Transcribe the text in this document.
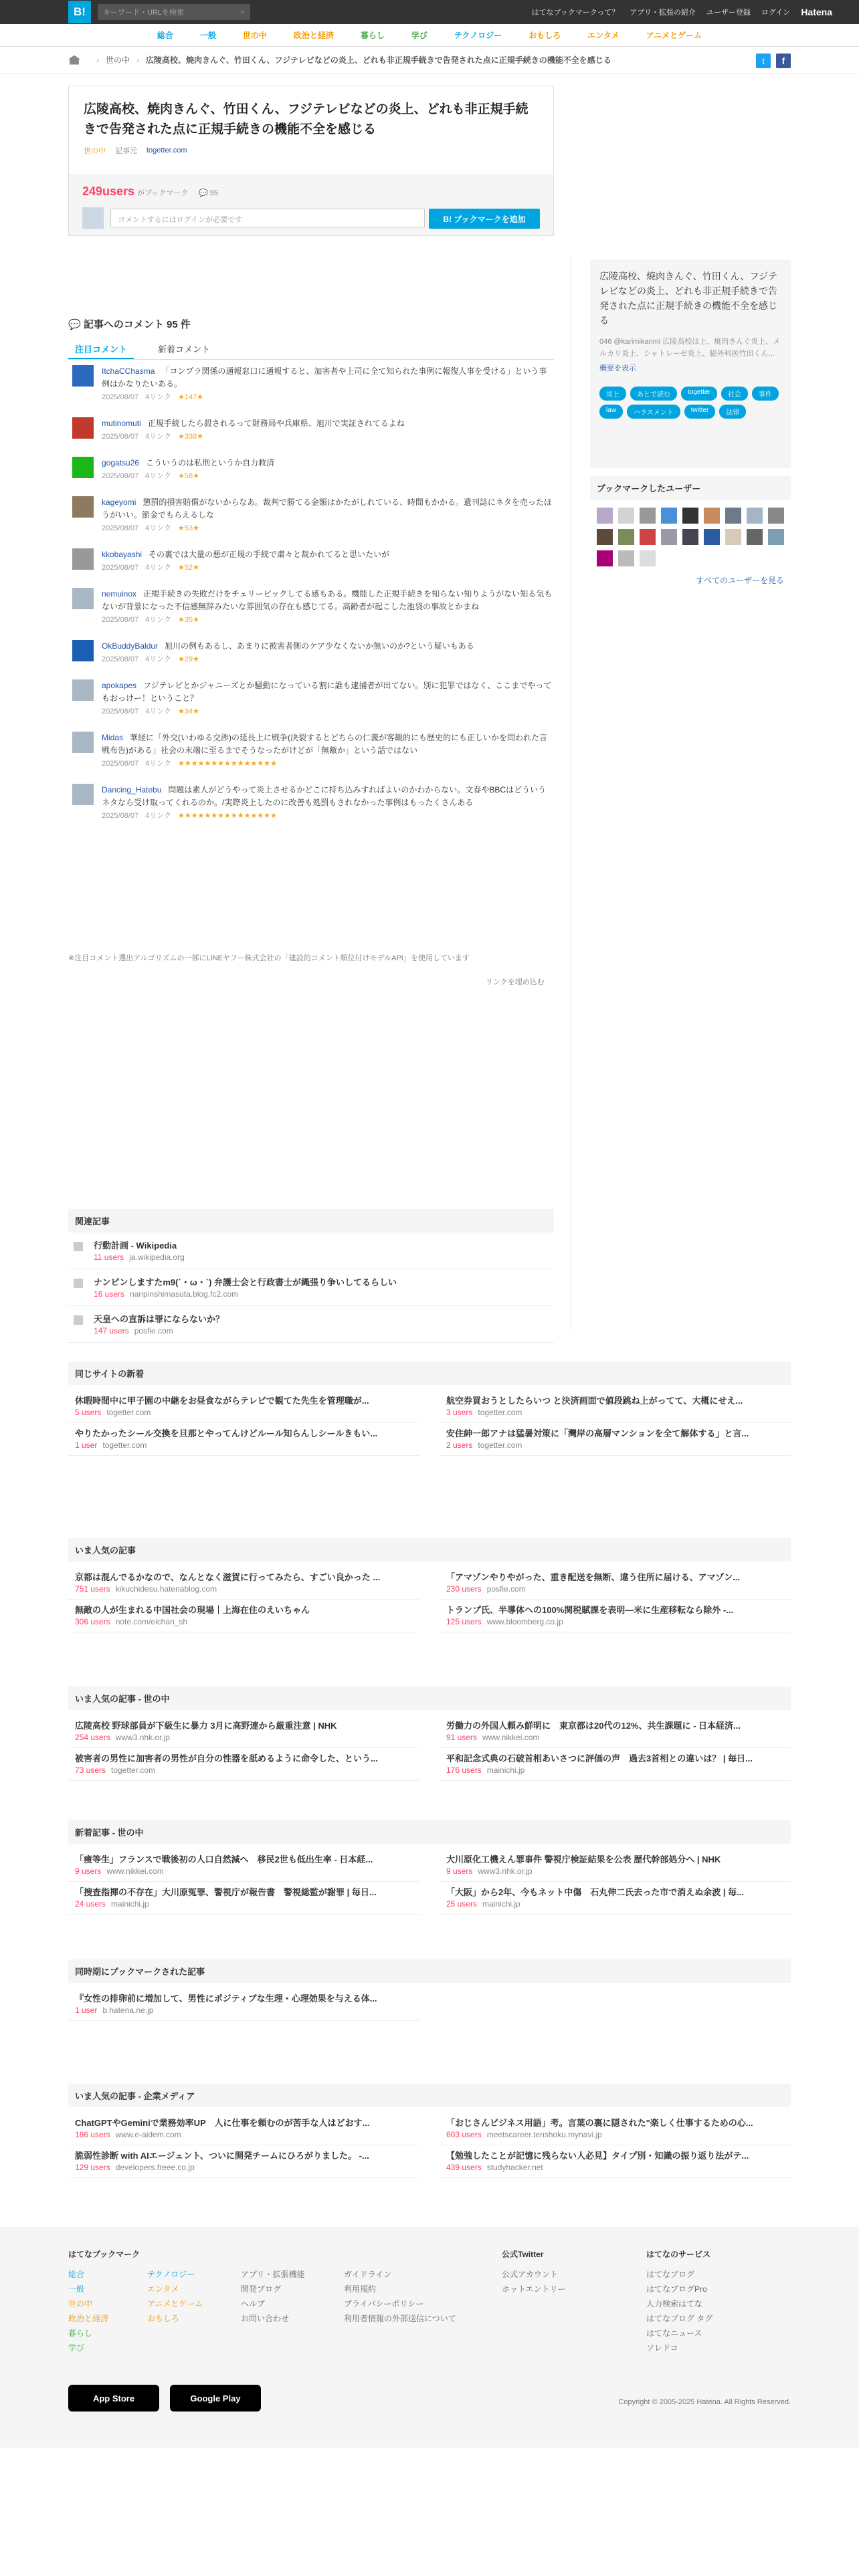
B!	キーワード・URLを検索	⌕	はてなブックマークって？ アプリ・拡張の紹介 ユーザー登録 ログイン Hatena
総合	一般	世の中	政治と経済	暮らし	学び	テクノロジー	おもしろ	エンタメ	アニメとゲーム
› 世の中 › 広陵高校、焼肉きんぐ、竹田くん、フジテレビなどの炎上、どれも非正規手続きで告発された点に正規手続きの機能不全を感じる	t	f
広陵高校、焼肉きんぐ、竹田くん、フジテレビなどの炎上、どれも非正規手続きで告発された点に正規手続きの機能不全を感じる
世の中 記事元 togetter.com
249users がブックマーク 💬 95
コメントするにはログインが必要です	B! ブックマークを追加
広陵高校、焼肉きんぐ、竹田くん、フジテレビなどの炎上、どれも非正規手続きで告発された点に正規手続きの機能不全を感じる

046 @karimikarimi 広陵高校は上、焼肉きんぐ炎上、メルカリ炎上、シャトレーゼ炎上、脇外科医竹田くん...

概要を表示
炎上	あとで読む	togetter	社会	事件
law	ハラスメント	twitter	法律
ブックマークしたユーザー
すべてのユーザーを見る
💬 記事へのコメント 95 件
注目コメント	新着コメント
ItchaCChasma 「コンプラ関係の通報窓口に通報すると、加害者や上司に全て知られた事例に報復人事を受ける」という事例はかなりたいある。
2025/08/07 4リンク ★147★
mutinomuti 正規手続したら殺されるって財務局や兵庫県、旭川で実証されてるよね
2025/08/07 4リンク ★338★
gogatsu26 こういうのは私刑というか自力救済
2025/08/07 4リンク ★58★
kageyomi 懲罰的損害賠償がないからなあ。裁判で勝てる金額はかたがしれている、時間もかかる。遺刊誌にネタを売ったほうがいい。節金でもらえるしな
2025/08/07 4リンク ★53★
kkobayashi その裏では大量の悪が正規の手続で粛々と裁かれてると思いたいが
2025/08/07 4リンク ★52★
nemuinox 正規手続きの失敗だけをチェリーピックしてる感もある。機能した正規手続きを知らない知りようがない知る気もないが背景になった不信感無辞みたいな雰囲気の存在も感じてる。高齢者が起こした池袋の事故とかまね
2025/08/07 4リンク ★35★
OkBuddyBaldur 旭川の例もあるし、あまりに被害者側のケア少なくないか無いのか?という疑いもある
2025/08/07 4リンク ★29★
apokapes フジテレビとかジャニーズとか騒動になっている割に誰も逮捕者が出てない。別に犯罪ではなく、ここまでやってもおっけー！ということ？
2025/08/07 4リンク ★34★
Midas 華経に「外交(いわゆる交渉)の延長上に戦争(決裂するとどちらの仁義が客観的にも歴史的にも正しいかを問われた言戦布告)がある」社会の末端に至るまでそうなったがけどが「無敵か」という話ではない
2025/08/07 4リンク ★★★★★★★★★★★★★★★
Dancing_Hatebu 問題は素人がどうやって炎上させるかどこに持ち込みすればよいのかわからない。文春やBBCはどういうネタなら受け取ってくれるのか。/実際炎上したのに改善も処罰もされなかった事例はもったくさんある
2025/08/07 4リンク ★★★★★★★★★★★★★★★
※注目コメント選出アルゴリズムの一部にLINEヤフー株式会社の「建設的コメント順位付けモデルAPI」を使用しています
リンクを埋め込む
関連記事
行動計画 - Wikipedia
11 users ja.wikipedia.org
ナンピンしますたm9(´・ω・`) 弁護士会と行政書士が縄張り争いしてるらしい
16 users nanpinshimasuta.blog.fc2.com
天皇への直訴は罪にならないか？
147 users posfie.com
同じサイトの新着
休暇時間中に甲子園の中継をお昼食ながらテレビで観てた先生を管理職が...
5 users togetter.com
航空券買おうとしたらいつ と決済画面で値段跳ね上がってて、大概にせえ...
3 users togetter.com
やりたかったシール交換を旦那とやってんけどルール知らんしシールきもい...
1 user togetter.com
安住紳一郎アナは猛暑対策に「灣岸の高層マンションを全て解体する」と言...
2 users togetter.com
いま人気の記事
京都は混んでるかなので、なんとなく滋賀に行ってみたら、すごい良かった ...
751 users kikuchidesu.hatenablog.com
「アマゾンやりやがった、重き配送を無断、違う住所に届ける、アマゾン...
230 users posfie.com
無敵の人が生まれる中国社会の現場｜上海在住のえいちゃん
306 users note.com/eichan_sh
トランプ氏、半導体への100%関税賦課を表明—米に生産移転なら除外 -...
125 users www.bloomberg.co.jp
いま人気の記事 - 世の中
広陵高校 野球部員が下級生に暴力 3月に高野連から厳重注意 | NHK
254 users www3.nhk.or.jp
労働力の外国人頼み鮮明に　東京都は20代の12%、共生課題に - 日本経済...
91 users www.nikkei.com
被害者の男性に加害者の男性が自分の性器を舐めるように命令した、という...
73 users togetter.com
平和記念式典の石破首相あいさつに評価の声　過去3首相との違いは？ | 毎日...
176 users mainichi.jp
新着記事 - 世の中
「痩等生」フランスで戦後初の人口自然減へ　移民2世も低出生率 - 日本経...
9 users www.nikkei.com
大川原化工機えん罪事件 警視庁検証結果を公表 歴代幹部処分へ | NHK
9 users www3.nhk.or.jp
「捜査指揮の不存在」大川原冤罪、警視庁が報告書　警視総監が謝罪 | 毎日...
24 users mainichi.jp
「大阪」から2年、今もネット中傷　石丸伸二氏去った市で消えぬ余波 | 毎...
25 users mainichi.jp
同時期にブックマークされた記事
『女性の排卵前に増加して、男性にポジティブな生理・心理効果を与える体...
1 user b.hatena.ne.jp
いま人気の記事 - 企業メディア
ChatGPTやGeminiで業務効率UP　人に仕事を頼むのが苦手な人はどおす...
186 users www.e-aidem.com
「おじさんビジネス用語」考。言葉の裏に隠された"楽しく仕事するための心...
603 users meetscareer.tenshoku.mynavi.jp
脆弱性診断 with AIエージェント、ついに開発チームにひろがりました。 -...
129 users developers.freee.co.jp
【勉強したことが記憶に残らない人必見】タイプ別・知識の振り返り法がテ...
439 users studyhacker.net
はてなブックマーク
総合
一般
世の中
政治と経済
暮らし
学び
テクノロジー
エンタメ
アニメとゲーム
おもしろ
アプリ・拡張機能
開発ブログ
ヘルプ
お問い合わせ
ガイドライン
利用規約
プライバシーポリシー
利用者情報の外部送信について
公式Twitter
公式アカウント
ホットエントリー
はてなのサービス
はてなブログ
はてなブログPro
人力検索はてな
はてなブログ タグ
はてなニュース
ソレドコ
App Store	Google Play	Copyright © 2005-2025 Hatena. All Rights Reserved.
